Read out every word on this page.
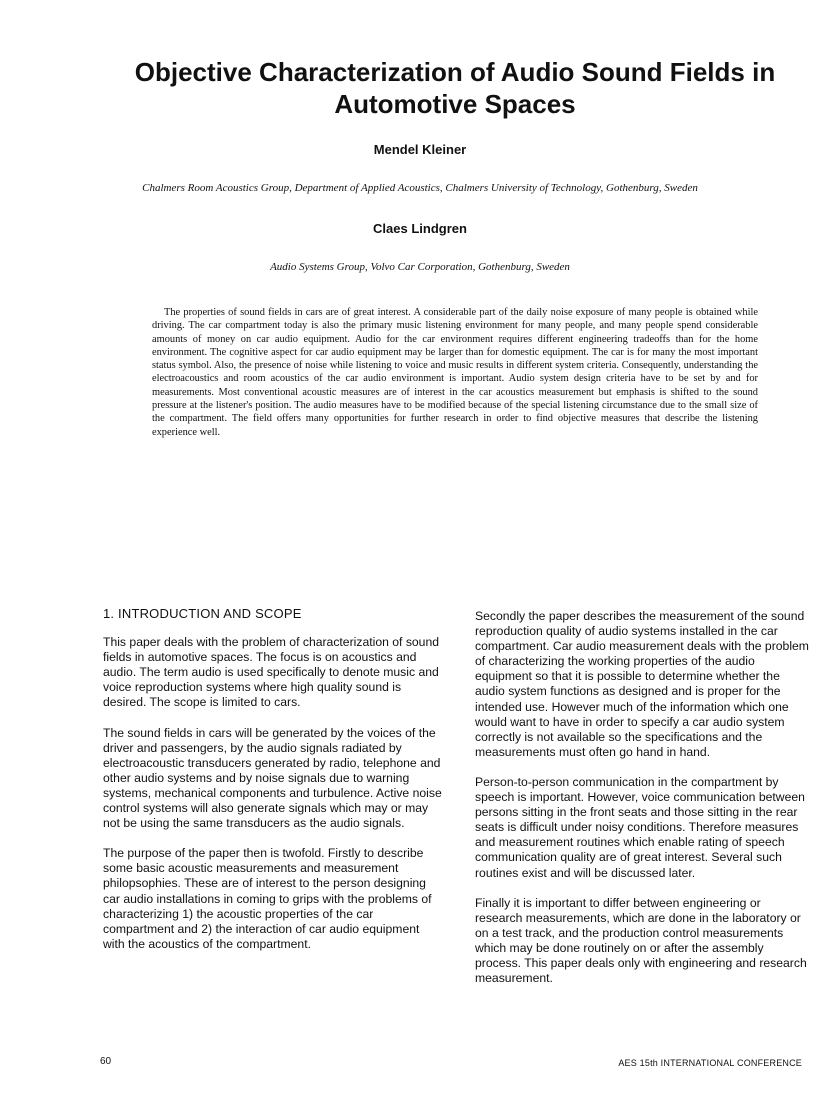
Objective Characterization of Audio Sound Fields in Automotive Spaces
Mendel Kleiner
Chalmers Room Acoustics Group, Department of Applied Acoustics, Chalmers University of Technology, Gothenburg, Sweden
Claes Lindgren
Audio Systems Group, Volvo Car Corporation, Gothenburg, Sweden

The properties of sound fields in cars are of great interest. A considerable part of the daily noise exposure of many people is obtained while driving. The car compartment today is also the primary music listening environment for many people, and many people spend considerable amounts of money on car audio equipment. Audio for the car environment requires different engineering tradeoffs than for the home environment. The cognitive aspect for car audio equipment may be larger than for domestic equipment. The car is for many the most important status symbol. Also, the presence of noise while listening to voice and music results in different system criteria. Consequently, understanding the electroacoustics and room acoustics of the car audio environment is important. Audio system design criteria have to be set by and for measurements. Most conventional acoustic measures are of interest in the car acoustics measurement but emphasis is shifted to the sound pressure at the listener's position. The audio measures have to be modified because of the special listening circumstance due to the small size of the compartment. The field offers many opportunities for further research in order to find objective measures that describe the listening experience well.

1. INTRODUCTION AND SCOPE

This paper deals with the problem of characterization of sound fields in automotive spaces. The focus is on acoustics and audio. The term audio is used specifically to denote music and voice reproduction systems where high quality sound is desired. The scope is limited to cars.

The sound fields in cars will be generated by the voices of the driver and passengers, by the audio signals radiated by electroacoustic transducers generated by radio, telephone and other audio systems and by noise signals due to warning systems, mechanical components and turbulence. Active noise control systems will also generate signals which may or may not be using the same transducers as the audio signals.

The purpose of the paper then is twofold. Firstly to describe some basic acoustic measurements and measurement philopsophies. These are of interest to the person designing car audio installations in coming to grips with the problems of characterizing 1) the acoustic properties of the car compartment and 2) the interaction of car audio equipment with the acoustics of the compartment.

Secondly the paper describes the measurement of the sound reproduction quality of audio systems installed in the car compartment. Car audio measurement deals with the problem of characterizing the working properties of the audio equipment so that it is possible to determine whether the audio system functions as designed and is proper for the intended use. However much of the information which one would want to have in order to specify a car audio system correctly is not available so the specifications and the measurements must often go hand in hand.

Person-to-person communication in the compartment by speech is important. However, voice communication between persons sitting in the front seats and those sitting in the rear seats is difficult under noisy conditions. Therefore measures and measurement routines which enable rating of speech communication quality are of great interest. Several such routines exist and will be discussed later.

Finally it is important to differ between engineering or research measurements, which are done in the laboratory or on a test track, and the production control measurements which may be done routinely on or after the assembly process. This paper deals only with engineering and research measurement.

60	AES 15th INTERNATIONAL CONFERENCE
